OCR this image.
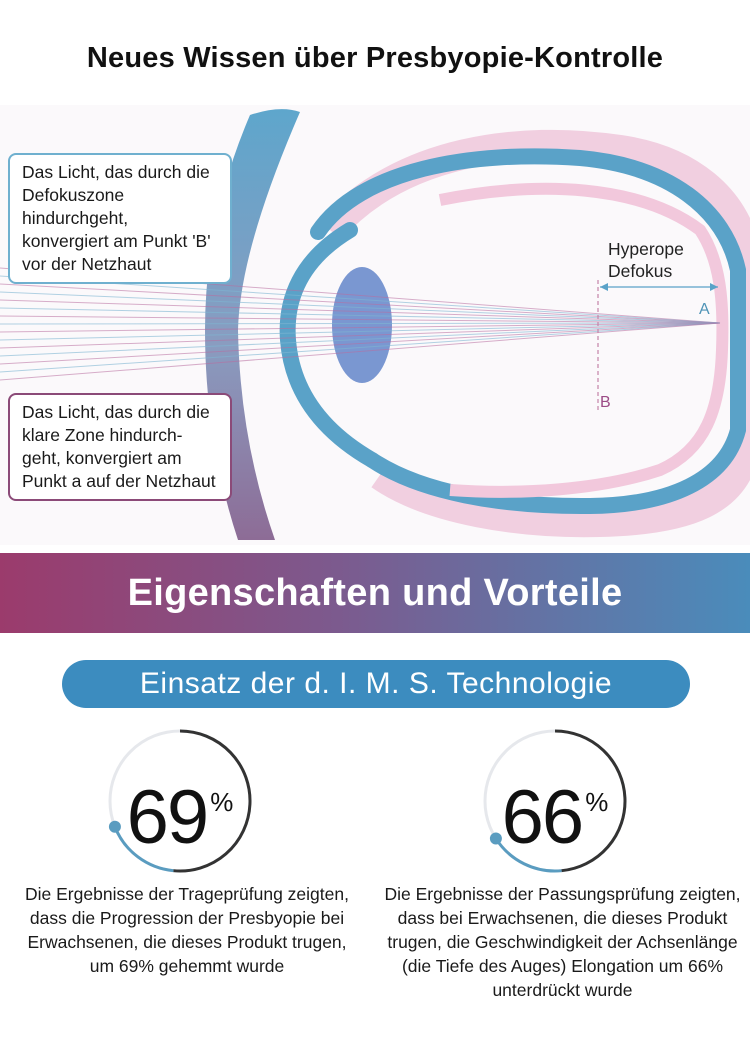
Neues Wissen über Presbyopie-Kontrolle
Das Licht, das durch die Defokuszone hindurchgeht, konvergiert am Punkt 'B' vor der Netzhaut
Das Licht, das durch die klare Zone hindurch-geht, konvergiert am Punkt a auf der Netzhaut
Hyperope
Defokus
A
B
Eigenschaften und Vorteile
Einsatz der d. I. M. S. Technologie
69 %
Die Ergebnisse der Trageprüfung zeigten, dass die Progression der Presbyopie bei Erwachsenen, die dieses Produkt trugen, um 69% gehemmt wurde
66 %
Die Ergebnisse der Passungsprüfung zeigten, dass bei Erwachsenen, die dieses Produkt trugen, die Geschwindigkeit der Achsenlänge (die Tiefe des Auges) Elongation um 66% unterdrückt wurde
